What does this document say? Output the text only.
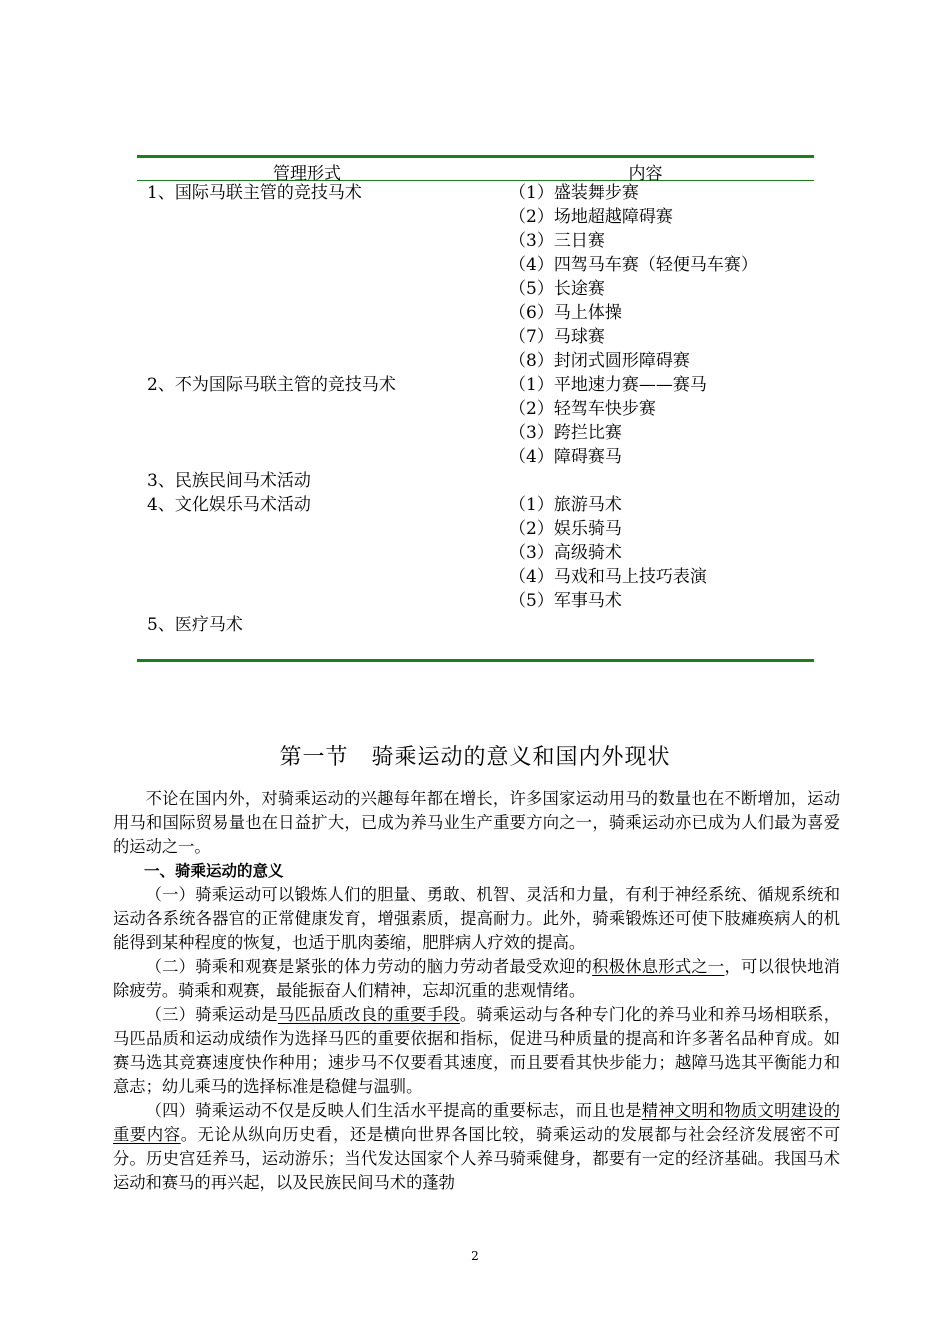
管理形式	内容
1、国际马联主管的竞技马术	（1）盛装舞步赛
（2）场地超越障碍赛
（3）三日赛
（4）四驾马车赛（轻便马车赛）
（5）长途赛
（6）马上体操
（7）马球赛
（8）封闭式圆形障碍赛
2、不为国际马联主管的竞技马术	（1）平地速力赛——赛马
（2）轻驾车快步赛
（3）跨拦比赛
（4）障碍赛马
3、民族民间马术活动
4、文化娱乐马术活动	（1）旅游马术
（2）娱乐骑马
（3）高级骑术
（4）马戏和马上技巧表演
（5）军事马术
5、医疗马术
第一节　骑乘运动的意义和国内外现状

不论在国内外，对骑乘运动的兴趣每年都在增长，许多国家运动用马的数量也在不断增加，运动用马和国际贸易量也在日益扩大，已成为养马业生产重要方向之一，骑乘运动亦已成为人们最为喜爱的运动之一。

一、骑乘运动的意义

（一）骑乘运动可以锻炼人们的胆量、勇敢、机智、灵活和力量，有利于神经系统、循规系统和运动各系统各器官的正常健康发育，增强素质，提高耐力。此外，骑乘锻炼还可使下肢瘫痪病人的机能得到某种程度的恢复，也适于肌肉萎缩，肥胖病人疗效的提高。

（二）骑乘和观赛是紧张的体力劳动的脑力劳动者最受欢迎的积极休息形式之一，可以很快地消除疲劳。骑乘和观赛，最能振奋人们精神，忘却沉重的悲观情绪。

（三）骑乘运动是马匹品质改良的重要手段。骑乘运动与各种专门化的养马业和养马场相联系，马匹品质和运动成绩作为选择马匹的重要依据和指标，促进马种质量的提高和许多著名品种育成。如赛马选其竞赛速度快作种用；速步马不仅要看其速度，而且要看其快步能力；越障马选其平衡能力和意志；幼儿乘马的选择标准是稳健与温驯。

（四）骑乘运动不仅是反映人们生活水平提高的重要标志，而且也是精神文明和物质文明建设的重要内容。无论从纵向历史看，还是横向世界各国比较，骑乘运动的发展都与社会经济发展密不可分。历史宫廷养马，运动游乐；当代发达国家个人养马骑乘健身，都要有一定的经济基础。我国马术运动和赛马的再兴起，以及民族民间马术的蓬勃

2
